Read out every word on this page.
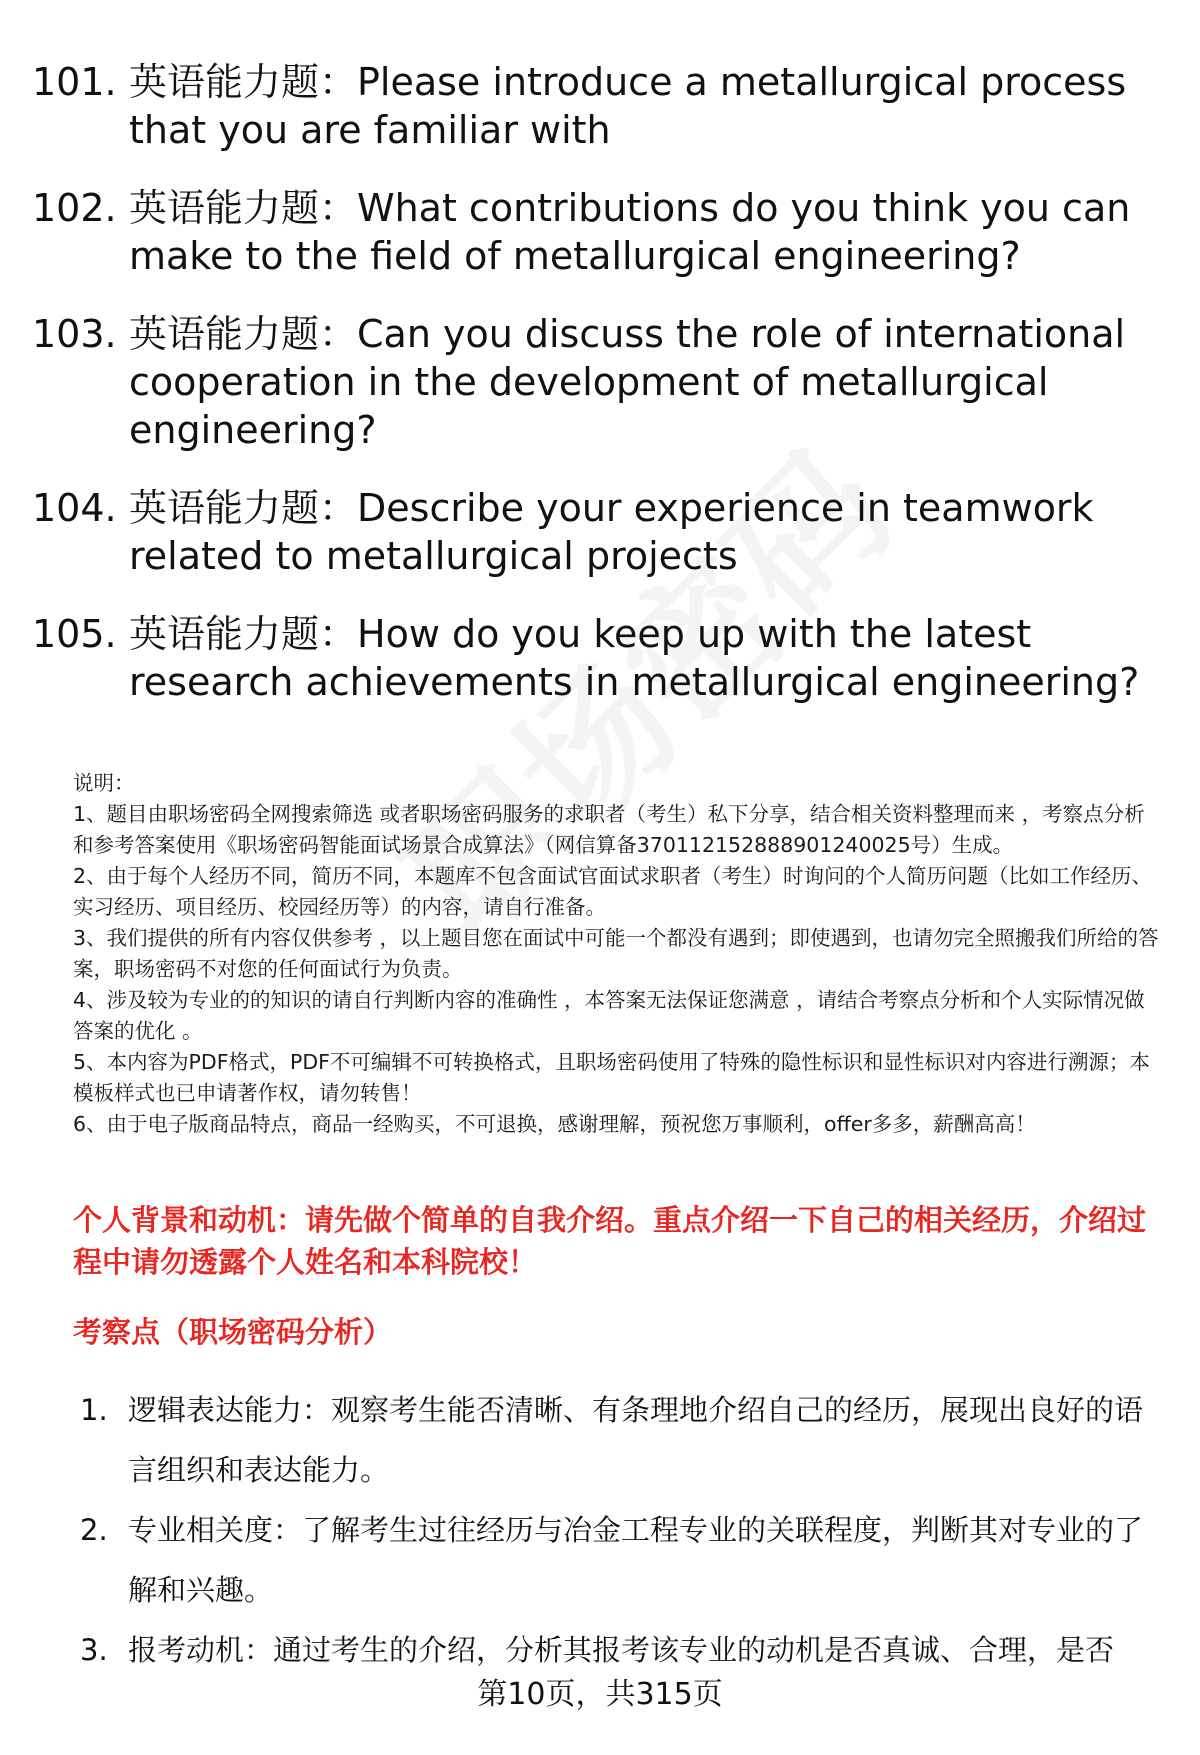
101. 英语能力题：Please introduce a metallurgical process that you are familiar with
102. 英语能力题：What contributions do you think you can make to the field of metallurgical engineering?
103. 英语能力题：Can you discuss the role of international cooperation in the development of metallurgical engineering?
104. 英语能力题：Describe your experience in teamwork related to metallurgical projects
105. 英语能力题：How do you keep up with the latest research achievements in metallurgical engineering?

说明：

1、题目由职场密码全网搜索筛选 或者职场密码服务的求职者（考生）私下分享，结合相关资料整理而来 ，考察点分析和参考答案使用《职场密码智能面试场景合成算法》（网信算备370112152888901240025号）生成。

2、由于每个人经历不同，简历不同，本题库不包含面试官面试求职者（考生）时询问的个人简历问题（比如工作经历、实习经历、项目经历、校园经历等）的内容，请自行准备。

3、我们提供的所有内容仅供参考 ，以上题目您在面试中可能一个都没有遇到；即使遇到，也请勿完全照搬我们所给的答案，职场密码不对您的任何面试行为负责。

4、涉及较为专业的的知识的请自行判断内容的准确性 ，本答案无法保证您满意 ，请结合考察点分析和个人实际情况做答案的优化 。

5、本内容为PDF格式，PDF不可编辑不可转换格式，且职场密码使用了特殊的隐性标识和显性标识对内容进行溯源；本模板样式也已申请著作权，请勿转售！

6、由于电子版商品特点，商品一经购买，不可退换，感谢理解，预祝您万事顺利，offer多多，薪酬高高！

个人背景和动机：请先做个简单的自我介绍。重点介绍一下自己的相关经历，介绍过程中请勿透露个人姓名和本科院校！
考察点（职场密码分析）
1. 逻辑表达能力：观察考生能否清晰、有条理地介绍自己的经历，展现出良好的语言组织和表达能力。
2. 专业相关度：了解考生过往经历与冶金工程专业的关联程度，判断其对专业的了解和兴趣。
3. 报考动机：通过考生的介绍，分析其报考该专业的动机是否真诚、合理，是否
第10页，共315页
